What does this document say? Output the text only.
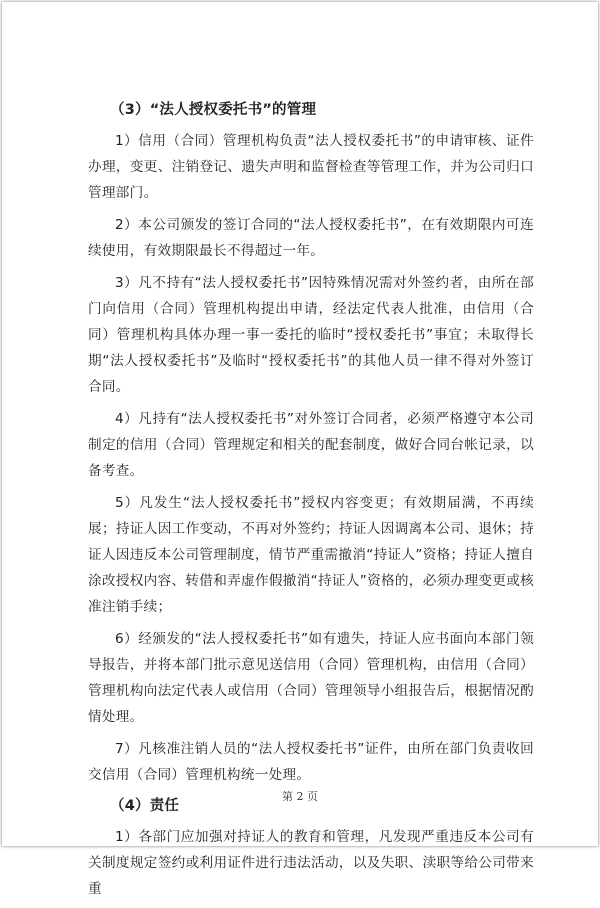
（3）“法人授权委托书”的管理

1）信用（合同）管理机构负责“法人授权委托书”的申请审核、证件办理，变更、注销登记、遗失声明和监督检查等管理工作，并为公司归口管理部门。

2）本公司颁发的签订合同的“法人授权委托书”，在有效期限内可连续使用，有效期限最长不得超过一年。

3）凡不持有“法人授权委托书”因特殊情况需对外签约者，由所在部门向信用（合同）管理机构提出申请，经法定代表人批准，由信用（合同）管理机构具体办理一事一委托的临时“授权委托书”事宜；未取得长期“法人授权委托书”及临时“授权委托书”的其他人员一律不得对外签订合同。

4）凡持有“法人授权委托书”对外签订合同者，必须严格遵守本公司制定的信用（合同）管理规定和相关的配套制度，做好合同台帐记录，以备考查。

5）凡发生“法人授权委托书”授权内容变更；有效期届满，不再续展；持证人因工作变动，不再对外签约；持证人因调离本公司、退休；持证人因违反本公司管理制度，情节严重需撤消“持证人”资格；持证人擅自涂改授权内容、转借和弄虚作假撤消“持证人”资格的，必须办理变更或核准注销手续；

6）经颁发的“法人授权委托书”如有遗失，持证人应书面向本部门领导报告，并将本部门批示意见送信用（合同）管理机构，由信用（合同）管理机构向法定代表人或信用（合同）管理领导小组报告后，根据情况酌情处理。

7）凡核准注销人员的“法人授权委托书”证件，由所在部门负责收回交信用（合同）管理机构统一处理。

（4）责任

1）各部门应加强对持证人的教育和管理，凡发现严重违反本公司有关制度规定签约或利用证件进行违法活动，以及失职、渎职等给公司带来重

第 2 页
